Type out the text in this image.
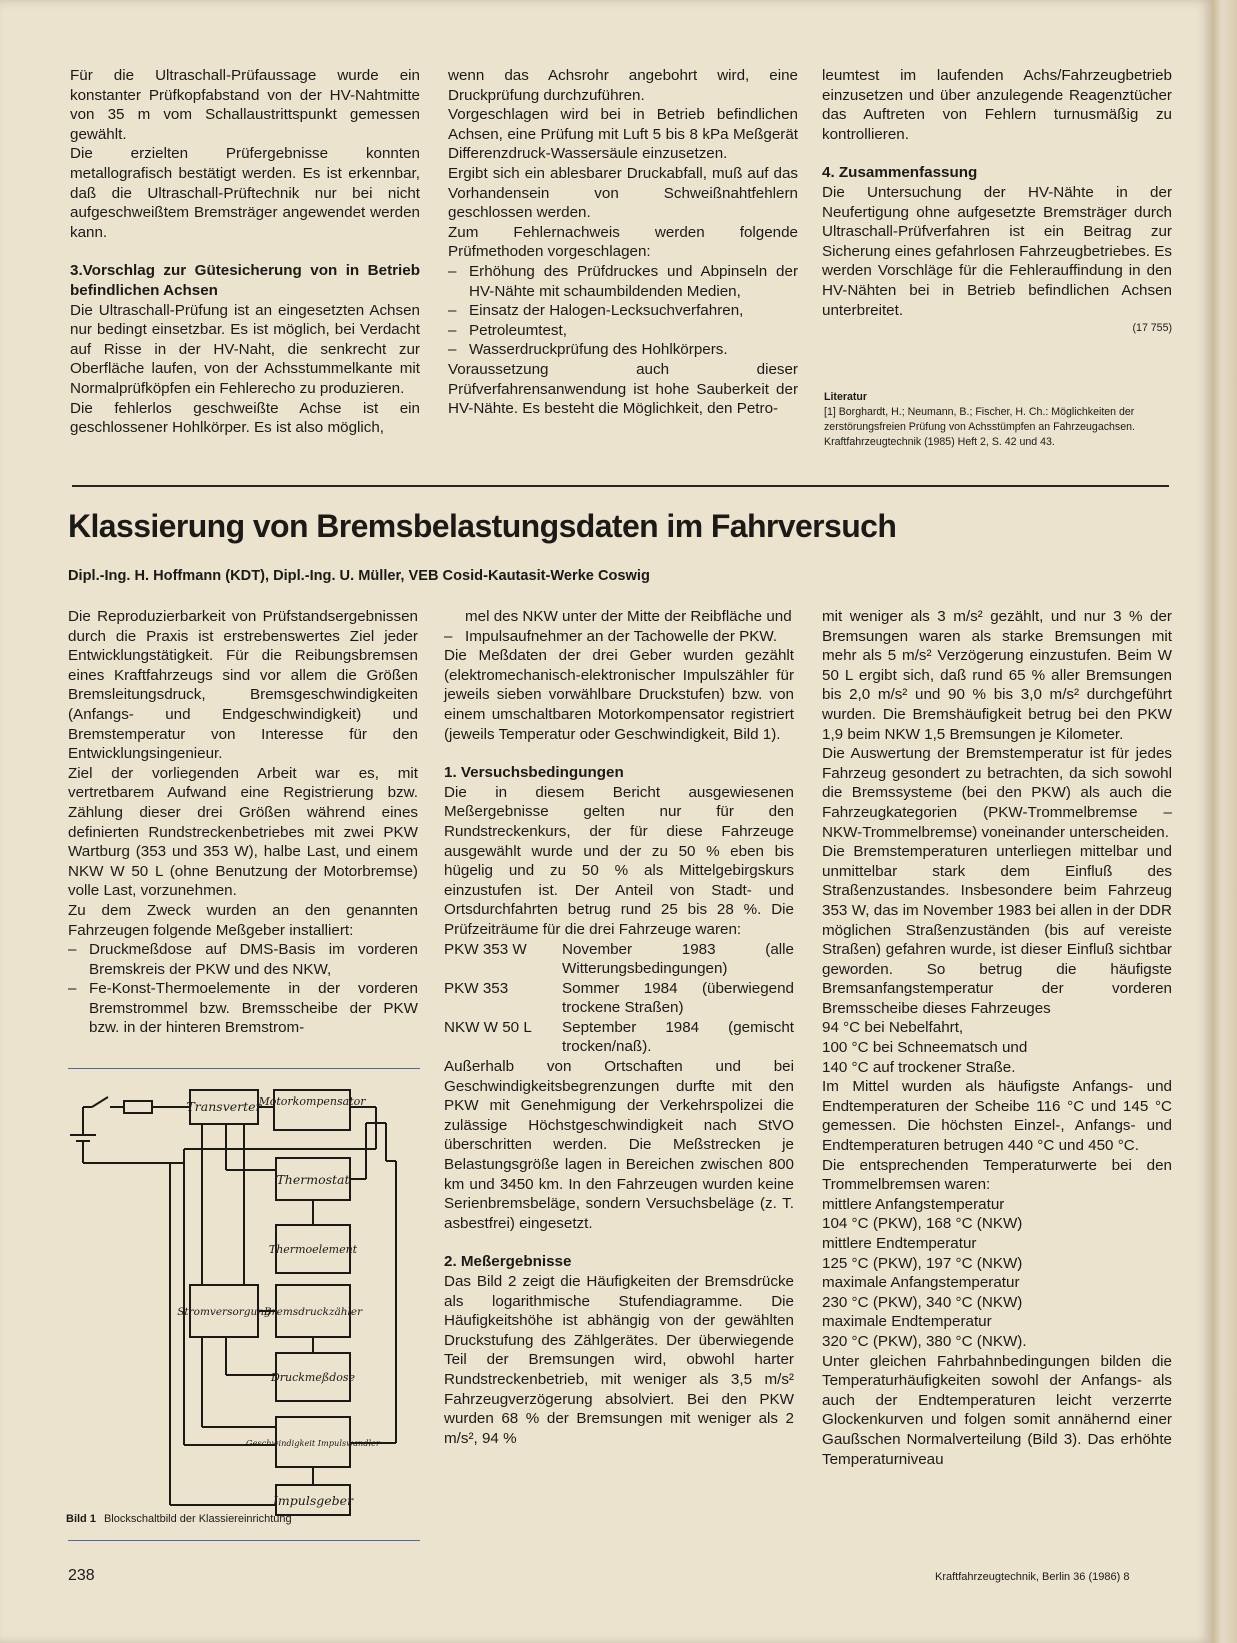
Für die Ultraschall-Prüfaussage wurde ein konstanter Prüfkopfabstand von der HV-Nahtmitte von 35 m vom Schallaustrittspunkt gemessen gewählt.

Die erzielten Prüfergebnisse konnten metallografisch bestätigt werden. Es ist erkennbar, daß die Ultraschall-Prüftechnik nur bei nicht aufgeschweißtem Bremsträger angewendet werden kann.

3.Vorschlag zur Gütesicherung von in Betrieb befindlichen Achsen

Die Ultraschall-Prüfung ist an eingesetzten Achsen nur bedingt einsetzbar. Es ist möglich, bei Verdacht auf Risse in der HV-Naht, die senkrecht zur Oberfläche laufen, von der Achsstummelkante mit Normalprüfköpfen ein Fehlerecho zu produzieren.

Die fehlerlos geschweißte Achse ist ein geschlossener Hohlkörper. Es ist also möglich,

wenn das Achsrohr angebohrt wird, eine Druckprüfung durchzuführen.

Vorgeschlagen wird bei in Betrieb befindlichen Achsen, eine Prüfung mit Luft 5 bis 8 kPa Meßgerät Differenzdruck-Wassersäule einzusetzen.

Ergibt sich ein ablesbarer Druckabfall, muß auf das Vorhandensein von Schweißnahtfehlern geschlossen werden.

Zum Fehlernachweis werden folgende Prüfmethoden vorgeschlagen:

– Erhöhung des Prüfdruckes und Abpinseln der HV-Nähte mit schaumbildenden Medien,
– Einsatz der Halogen-Lecksuchverfahren,
– Petroleumtest,
– Wasserdruckprüfung des Hohlkörpers.

Voraussetzung auch dieser Prüfverfahrensanwendung ist hohe Sauberkeit der HV-Nähte. Es besteht die Möglichkeit, den Petro-

leumtest im laufenden Achs/Fahrzeugbetrieb einzusetzen und über anzulegende Reagenztücher das Auftreten von Fehlern turnusmäßig zu kontrollieren.

4. Zusammenfassung

Die Untersuchung der HV-Nähte in der Neufertigung ohne aufgesetzte Bremsträger durch Ultraschall-Prüfverfahren ist ein Beitrag zur Sicherung eines gefahrlosen Fahrzeugbetriebes. Es werden Vorschläge für die Fehlerauffindung in den HV-Nähten bei in Betrieb befindlichen Achsen unterbreitet.

(17 755)

Literatur
[1] Borghardt, H.; Neumann, B.; Fischer, H. Ch.: Möglichkeiten der zerstörungsfreien Prüfung von Achsstümpfen an Fahrzeugachsen. Kraftfahrzeugtechnik (1985) Heft 2, S. 42 und 43.
Klassierung von Bremsbelastungsdaten im Fahrversuch
Dipl.-Ing. H. Hoffmann (KDT), Dipl.-Ing. U. Müller, VEB Cosid-Kautasit-Werke Coswig

Die Reproduzierbarkeit von Prüfstandsergebnissen durch die Praxis ist erstrebenswertes Ziel jeder Entwicklungstätigkeit. Für die Reibungsbremsen eines Kraftfahrzeugs sind vor allem die Größen Bremsleitungsdruck, Bremsgeschwindigkeiten (Anfangs- und Endgeschwindigkeit) und Bremstemperatur von Interesse für den Entwicklungsingenieur.

Ziel der vorliegenden Arbeit war es, mit vertretbarem Aufwand eine Registrierung bzw. Zählung dieser drei Größen während eines definierten Rundstreckenbetriebes mit zwei PKW Wartburg (353 und 353 W), halbe Last, und einem NKW W 50 L (ohne Benutzung der Motorbremse) volle Last, vorzunehmen.

Zu dem Zweck wurden an den genannten Fahrzeugen folgende Meßgeber installiert:

– Druckmeßdose auf DMS-Basis im vorderen Bremskreis der PKW und des NKW,
– Fe-Konst-Thermoelemente in der vorderen Bremstrommel bzw. Bremsscheibe der PKW bzw. in der hinteren Bremstrom-
Transverter
Motorkompensator
Thermostat
Thermoelement
Stromversorgung
Bremsdruckzähler
Druckmeßdose
Geschwindigkeit Impulswandler
Impulsgeber
Bild 1 Blockschaltbild der Klassiereinrichtung

mel des NKW unter der Mitte der Reibfläche und

– Impulsaufnehmer an der Tachowelle der PKW.

Die Meßdaten der drei Geber wurden gezählt (elektromechanisch-elektronischer Impulszähler für jeweils sieben vorwählbare Druckstufen) bzw. von einem umschaltbaren Motorkompensator registriert (jeweils Temperatur oder Geschwindigkeit, Bild 1).

1. Versuchsbedingungen

Die in diesem Bericht ausgewiesenen Meßergebnisse gelten nur für den Rundstreckenkurs, der für diese Fahrzeuge ausgewählt wurde und der zu 50 % eben bis hügelig und zu 50 % als Mittelgebirgskurs einzustufen ist. Der Anteil von Stadt- und Ortsdurchfahrten betrug rund 25 bis 28 %. Die Prüfzeiträume für die drei Fahrzeuge waren:

PKW 353 W	November 1983 (alle Witterungsbedingungen)
PKW 353	Sommer 1984 (überwiegend trockene Straßen)
NKW W 50 L	September 1984 (gemischt trocken/naß).

Außerhalb von Ortschaften und bei Geschwindigkeitsbegrenzungen durfte mit den PKW mit Genehmigung der Verkehrspolizei die zulässige Höchstgeschwindigkeit nach StVO überschritten werden. Die Meßstrecken je Belastungsgröße lagen in Bereichen zwischen 800 km und 3450 km. In den Fahrzeugen wurden keine Serienbremsbeläge, sondern Versuchsbeläge (z. T. asbestfrei) eingesetzt.

2. Meßergebnisse

Das Bild 2 zeigt die Häufigkeiten der Bremsdrücke als logarithmische Stufendiagramme. Die Häufigkeitshöhe ist abhängig von der gewählten Druckstufung des Zählgerätes. Der überwiegende Teil der Bremsungen wird, obwohl harter Rundstreckenbetrieb, mit weniger als 3,5 m/s² Fahrzeugverzögerung absolviert. Bei den PKW wurden 68 % der Bremsungen mit weniger als 2 m/s², 94 %

mit weniger als 3 m/s² gezählt, und nur 3 % der Bremsungen waren als starke Bremsungen mit mehr als 5 m/s² Verzögerung einzustufen. Beim W 50 L ergibt sich, daß rund 65 % aller Bremsungen bis 2,0 m/s² und 90 % bis 3,0 m/s² durchgeführt wurden. Die Bremshäufigkeit betrug bei den PKW 1,9 beim NKW 1,5 Bremsungen je Kilometer.

Die Auswertung der Bremstemperatur ist für jedes Fahrzeug gesondert zu betrachten, da sich sowohl die Bremssysteme (bei den PKW) als auch die Fahrzeugkategorien (PKW-Trommelbremse – NKW-Trommelbremse) voneinander unterscheiden.

Die Bremstemperaturen unterliegen mittelbar und unmittelbar stark dem Einfluß des Straßenzustandes. Insbesondere beim Fahrzeug 353 W, das im November 1983 bei allen in der DDR möglichen Straßenzuständen (bis auf vereiste Straßen) gefahren wurde, ist dieser Einfluß sichtbar geworden. So betrug die häufigste Bremsanfangstemperatur der vorderen Bremsscheibe dieses Fahrzeuges

94 °C bei Nebelfahrt,
100 °C bei Schneematsch und
140 °C auf trockener Straße.

Im Mittel wurden als häufigste Anfangs- und Endtemperaturen der Scheibe 116 °C und 145 °C gemessen. Die höchsten Einzel-, Anfangs- und Endtemperaturen betrugen 440 °C und 450 °C.

Die entsprechenden Temperaturwerte bei den Trommelbremsen waren:

mittlere Anfangstemperatur
104 °C (PKW), 168 °C (NKW)
mittlere Endtemperatur
125 °C (PKW), 197 °C (NKW)
maximale Anfangstemperatur
230 °C (PKW), 340 °C (NKW)
maximale Endtemperatur
320 °C (PKW), 380 °C (NKW).

Unter gleichen Fahrbahnbedingungen bilden die Temperaturhäufigkeiten sowohl der Anfangs- als auch der Endtemperaturen leicht verzerrte Glockenkurven und folgen somit annähernd einer Gaußschen Normalverteilung (Bild 3). Das erhöhte Temperaturniveau

238	Kraftfahrzeugtechnik, Berlin 36 (1986) 8
